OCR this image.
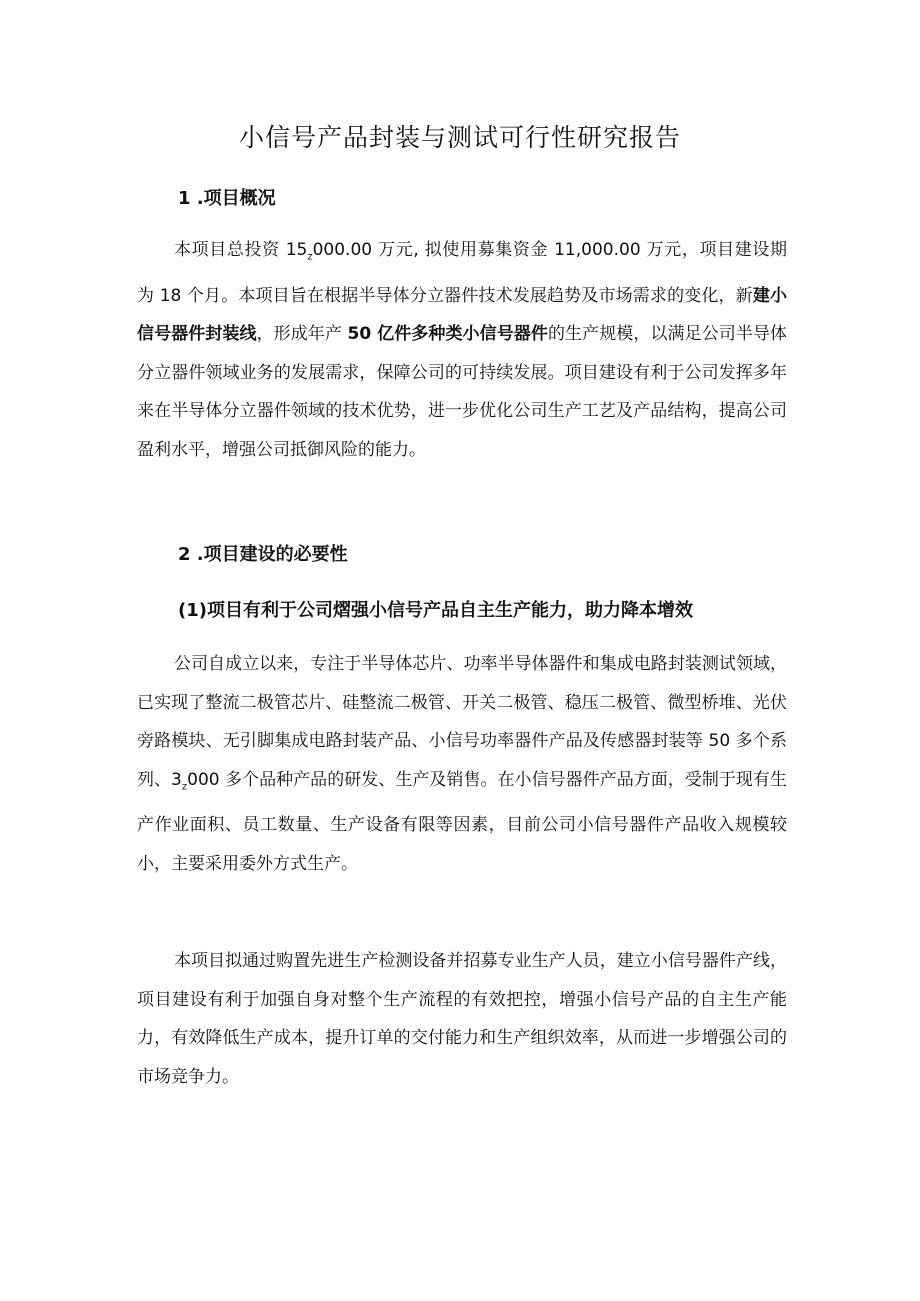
小信号产品封装与测试可行性研究报告
1 .项目概况

本项目总投资 $15_z000.00$ 万元, 拟使用募集资金 11,000.00 万元，项目建设期为 18 个月。本项目旨在根据半导体分立器件技术发展趋势及市场需求的变化，新建小信号器件封装线，形成年产 50 亿件多种类小信号器件的生产规模，以满足公司半导体分立器件领域业务的发展需求，保障公司的可持续发展。项目建设有利于公司发挥多年来在半导体分立器件领域的技术优势，进一步优化公司生产工艺及产品结构，提高公司盈利水平，增强公司抵御风险的能力。

2 .项目建设的必要性
(1)项目有利于公司熠强小信号产品自主生产能力，助力降本增效

公司自成立以来，专注于半导体芯片、功率半导体器件和集成电路封装测试领域，已实现了整流二极管芯片、硅整流二极管、开关二极管、稳压二极管、微型桥堆、光伏旁路模块、无引脚集成电路封装产品、小信号功率器件产品及传感器封装等 50 多个系列、$3_z000$ 多个品种产品的研发、生产及销售。在小信号器件产品方面，受制于现有生产作业面积、员工数量、生产设备有限等因素，目前公司小信号器件产品收入规模较小，主要采用委外方式生产。

本项目拟通过购置先进生产检测设备并招募专业生产人员，建立小信号器件产线，项目建设有利于加强自身对整个生产流程的有效把控，增强小信号产品的自主生产能力，有效降低生产成本，提升订单的交付能力和生产组织效率，从而进一步增强公司的市场竞争力。
